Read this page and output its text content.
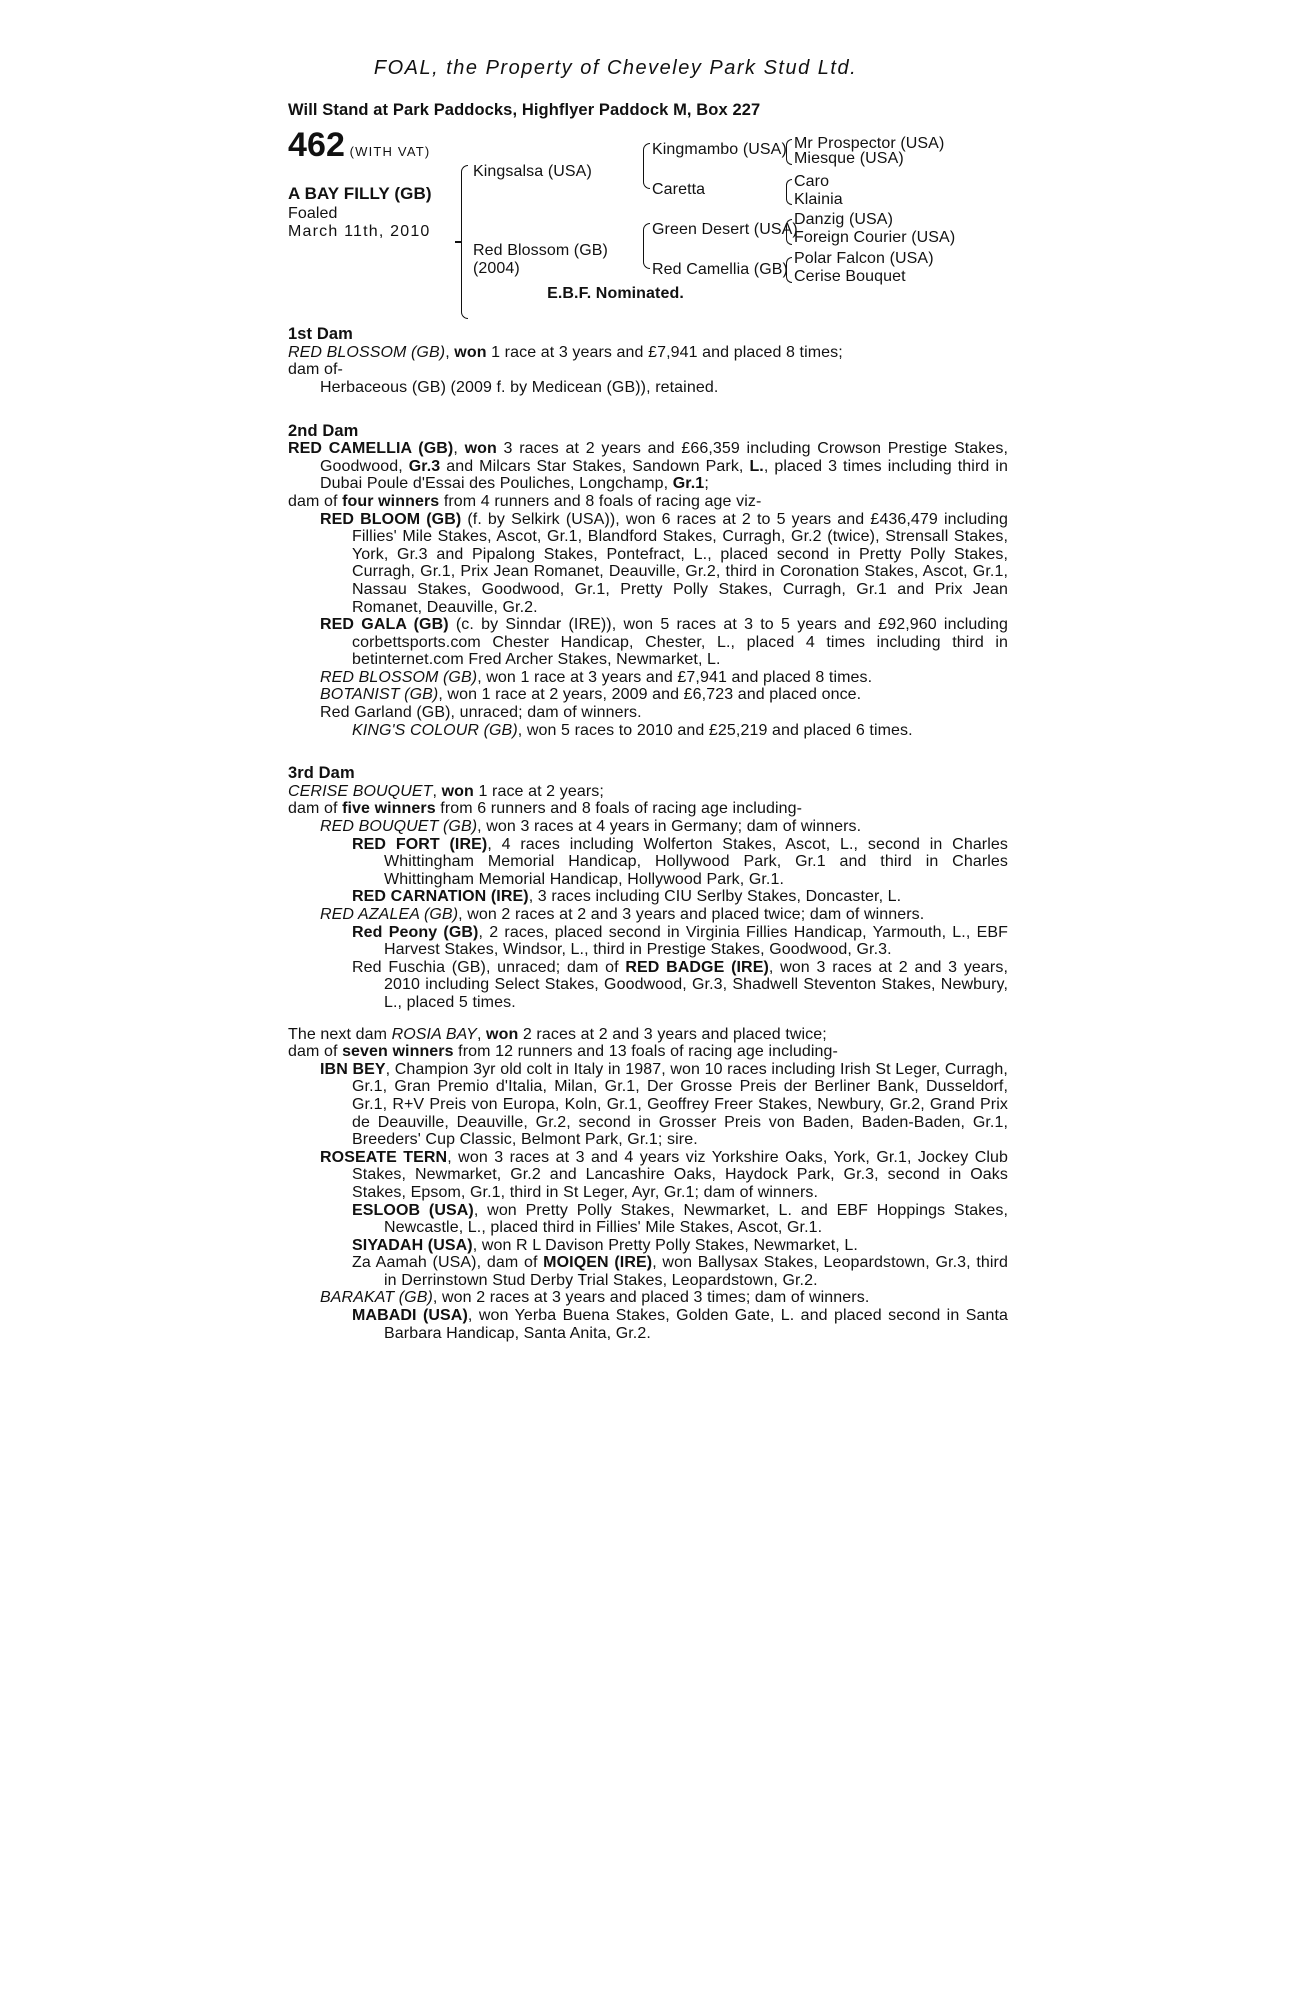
FOAL, the Property of Cheveley Park Stud Ltd.
Will Stand at Park Paddocks, Highflyer Paddock M, Box 227
462 (WITH VAT)
A BAY FILLY (GB)
Foaled
March 11th, 2010
Kingsalsa (USA)
Red Blossom (GB)
(2004)
Kingmambo (USA)
Caretta
Green Desert (USA)
Red Camellia (GB)
Mr Prospector (USA)
Miesque (USA)
Caro
Klainia
Danzig (USA)
Foreign Courier (USA)
Polar Falcon (USA)
Cerise Bouquet
E.B.F. Nominated.
1st Dam

RED BLOSSOM (GB), won 1 race at 3 years and £7,941 and placed 8 times;

dam of-

Herbaceous (GB) (2009 f. by Medicean (GB)), retained.

2nd Dam

RED CAMELLIA (GB), won 3 races at 2 years and £66,359 including Crowson Prestige Stakes, Goodwood, Gr.3 and Milcars Star Stakes, Sandown Park, L., placed 3 times including third in Dubai Poule d'Essai des Pouliches, Longchamp, Gr.1;

dam of four winners from 4 runners and 8 foals of racing age viz-

RED BLOOM (GB) (f. by Selkirk (USA)), won 6 races at 2 to 5 years and £436,479 including Fillies' Mile Stakes, Ascot, Gr.1, Blandford Stakes, Curragh, Gr.2 (twice), Strensall Stakes, York, Gr.3 and Pipalong Stakes, Pontefract, L., placed second in Pretty Polly Stakes, Curragh, Gr.1, Prix Jean Romanet, Deauville, Gr.2, third in Coronation Stakes, Ascot, Gr.1, Nassau Stakes, Goodwood, Gr.1, Pretty Polly Stakes, Curragh, Gr.1 and Prix Jean Romanet, Deauville, Gr.2.

RED GALA (GB) (c. by Sinndar (IRE)), won 5 races at 3 to 5 years and £92,960 including corbettsports.com Chester Handicap, Chester, L., placed 4 times including third in betinternet.com Fred Archer Stakes, Newmarket, L.

RED BLOSSOM (GB), won 1 race at 3 years and £7,941 and placed 8 times.

BOTANIST (GB), won 1 race at 2 years, 2009 and £6,723 and placed once.

Red Garland (GB), unraced; dam of winners.

KING'S COLOUR (GB), won 5 races to 2010 and £25,219 and placed 6 times.

3rd Dam

CERISE BOUQUET, won 1 race at 2 years;

dam of five winners from 6 runners and 8 foals of racing age including-

RED BOUQUET (GB), won 3 races at 4 years in Germany; dam of winners.

RED FORT (IRE), 4 races including Wolferton Stakes, Ascot, L., second in Charles Whittingham Memorial Handicap, Hollywood Park, Gr.1 and third in Charles Whittingham Memorial Handicap, Hollywood Park, Gr.1.

RED CARNATION (IRE), 3 races including CIU Serlby Stakes, Doncaster, L.

RED AZALEA (GB), won 2 races at 2 and 3 years and placed twice; dam of winners.

Red Peony (GB), 2 races, placed second in Virginia Fillies Handicap, Yarmouth, L., EBF Harvest Stakes, Windsor, L., third in Prestige Stakes, Goodwood, Gr.3.

Red Fuschia (GB), unraced; dam of RED BADGE (IRE), won 3 races at 2 and 3 years, 2010 including Select Stakes, Goodwood, Gr.3, Shadwell Steventon Stakes, Newbury, L., placed 5 times.

The next dam ROSIA BAY, won 2 races at 2 and 3 years and placed twice;

dam of seven winners from 12 runners and 13 foals of racing age including-

IBN BEY, Champion 3yr old colt in Italy in 1987, won 10 races including Irish St Leger, Curragh, Gr.1, Gran Premio d'Italia, Milan, Gr.1, Der Grosse Preis der Berliner Bank, Dusseldorf, Gr.1, R+V Preis von Europa, Koln, Gr.1, Geoffrey Freer Stakes, Newbury, Gr.2, Grand Prix de Deauville, Deauville, Gr.2, second in Grosser Preis von Baden, Baden-Baden, Gr.1, Breeders' Cup Classic, Belmont Park, Gr.1; sire.

ROSEATE TERN, won 3 races at 3 and 4 years viz Yorkshire Oaks, York, Gr.1, Jockey Club Stakes, Newmarket, Gr.2 and Lancashire Oaks, Haydock Park, Gr.3, second in Oaks Stakes, Epsom, Gr.1, third in St Leger, Ayr, Gr.1; dam of winners.

ESLOOB (USA), won Pretty Polly Stakes, Newmarket, L. and EBF Hoppings Stakes, Newcastle, L., placed third in Fillies' Mile Stakes, Ascot, Gr.1.

SIYADAH (USA), won R L Davison Pretty Polly Stakes, Newmarket, L.

Za Aamah (USA), dam of MOIQEN (IRE), won Ballysax Stakes, Leopardstown, Gr.3, third in Derrinstown Stud Derby Trial Stakes, Leopardstown, Gr.2.

BARAKAT (GB), won 2 races at 3 years and placed 3 times; dam of winners.

MABADI (USA), won Yerba Buena Stakes, Golden Gate, L. and placed second in Santa Barbara Handicap, Santa Anita, Gr.2.
